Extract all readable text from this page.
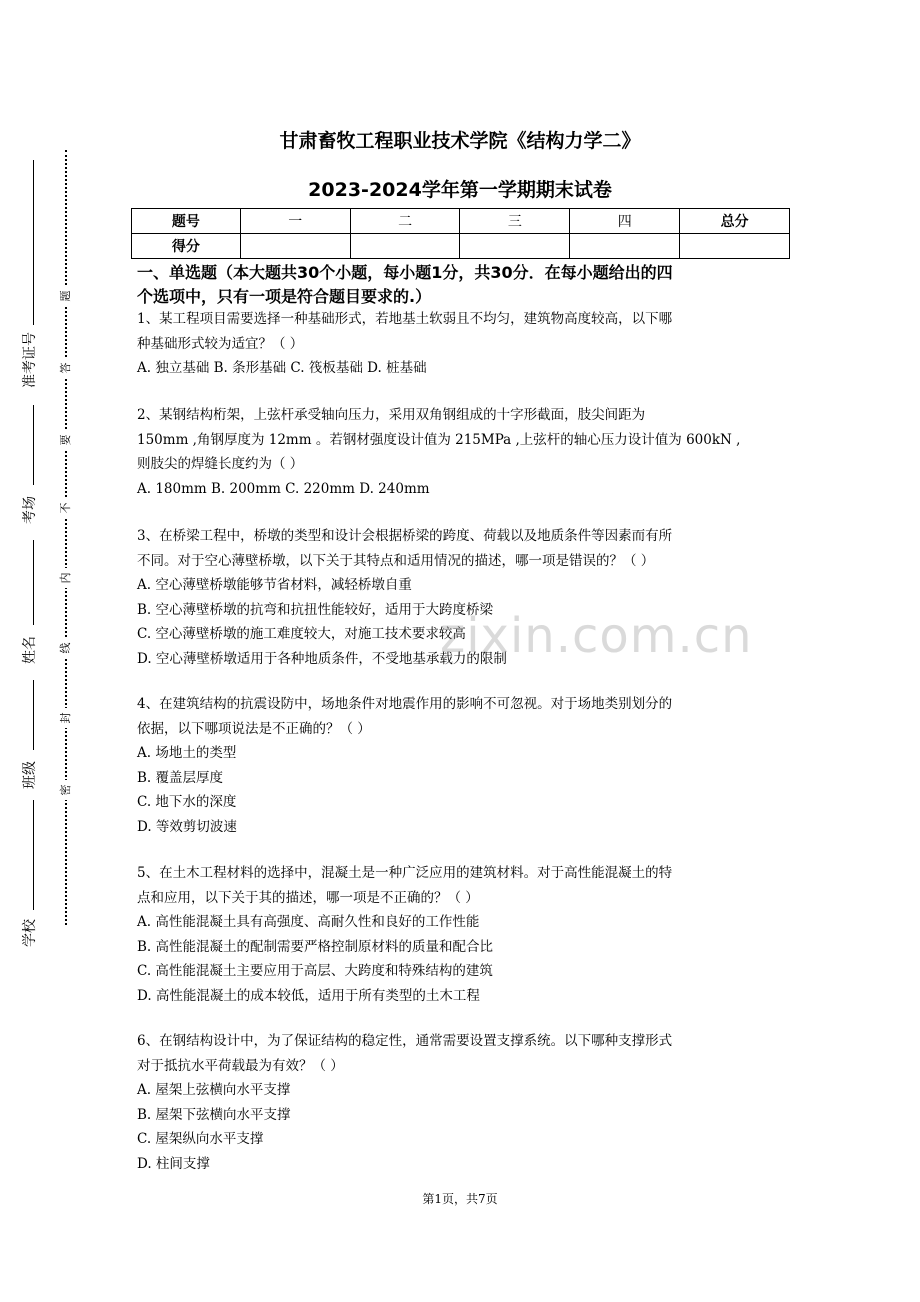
准考证号
考场
姓名
班级
学校
题
答
要
不
内
线
封
密
甘肃畜牧工程职业技术学院《结构力学二》
2023-2024学年第一学期期末试卷
题号	一	二	三	四	总分
得分					
一、单选题（本大题共30个小题，每小题1分，共30分．在每小题给出的四
个选项中，只有一项是符合题目要求的.）
1、某工程项目需要选择一种基础形式，若地基土软弱且不均匀，建筑物高度较高，以下哪
种基础形式较为适宜？（ ）
A. 独立基础 B. 条形基础 C. 筏板基础 D. 桩基础
2、某钢结构桁架，上弦杆承受轴向压力，采用双角钢组成的十字形截面，肢尖间距为
150mm ,角钢厚度为 12mm 。若钢材强度设计值为 215MPa ,上弦杆的轴心压力设计值为 600kN ,
则肢尖的焊缝长度约为（ ）
A. 180mm B. 200mm C. 220mm D. 240mm
3、在桥梁工程中，桥墩的类型和设计会根据桥梁的跨度、荷载以及地质条件等因素而有所
不同。对于空心薄壁桥墩，以下关于其特点和适用情况的描述，哪一项是错误的？（ ）
A. 空心薄壁桥墩能够节省材料，减轻桥墩自重
B. 空心薄壁桥墩的抗弯和抗扭性能较好，适用于大跨度桥梁
C. 空心薄壁桥墩的施工难度较大，对施工技术要求较高
D. 空心薄壁桥墩适用于各种地质条件，不受地基承载力的限制
4、在建筑结构的抗震设防中，场地条件对地震作用的影响不可忽视。对于场地类别划分的
依据，以下哪项说法是不正确的？（ ）
A. 场地土的类型
B. 覆盖层厚度
C. 地下水的深度
D. 等效剪切波速
5、在土木工程材料的选择中，混凝土是一种广泛应用的建筑材料。对于高性能混凝土的特
点和应用，以下关于其的描述，哪一项是不正确的？（ ）
A. 高性能混凝土具有高强度、高耐久性和良好的工作性能
B. 高性能混凝土的配制需要严格控制原材料的质量和配合比
C. 高性能混凝土主要应用于高层、大跨度和特殊结构的建筑
D. 高性能混凝土的成本较低，适用于所有类型的土木工程
6、在钢结构设计中，为了保证结构的稳定性，通常需要设置支撑系统。以下哪种支撑形式
对于抵抗水平荷载最为有效？（ ）
A. 屋架上弦横向水平支撑
B. 屋架下弦横向水平支撑
C. 屋架纵向水平支撑
D. 柱间支撑
zixin.com.cn
第1页，共7页
